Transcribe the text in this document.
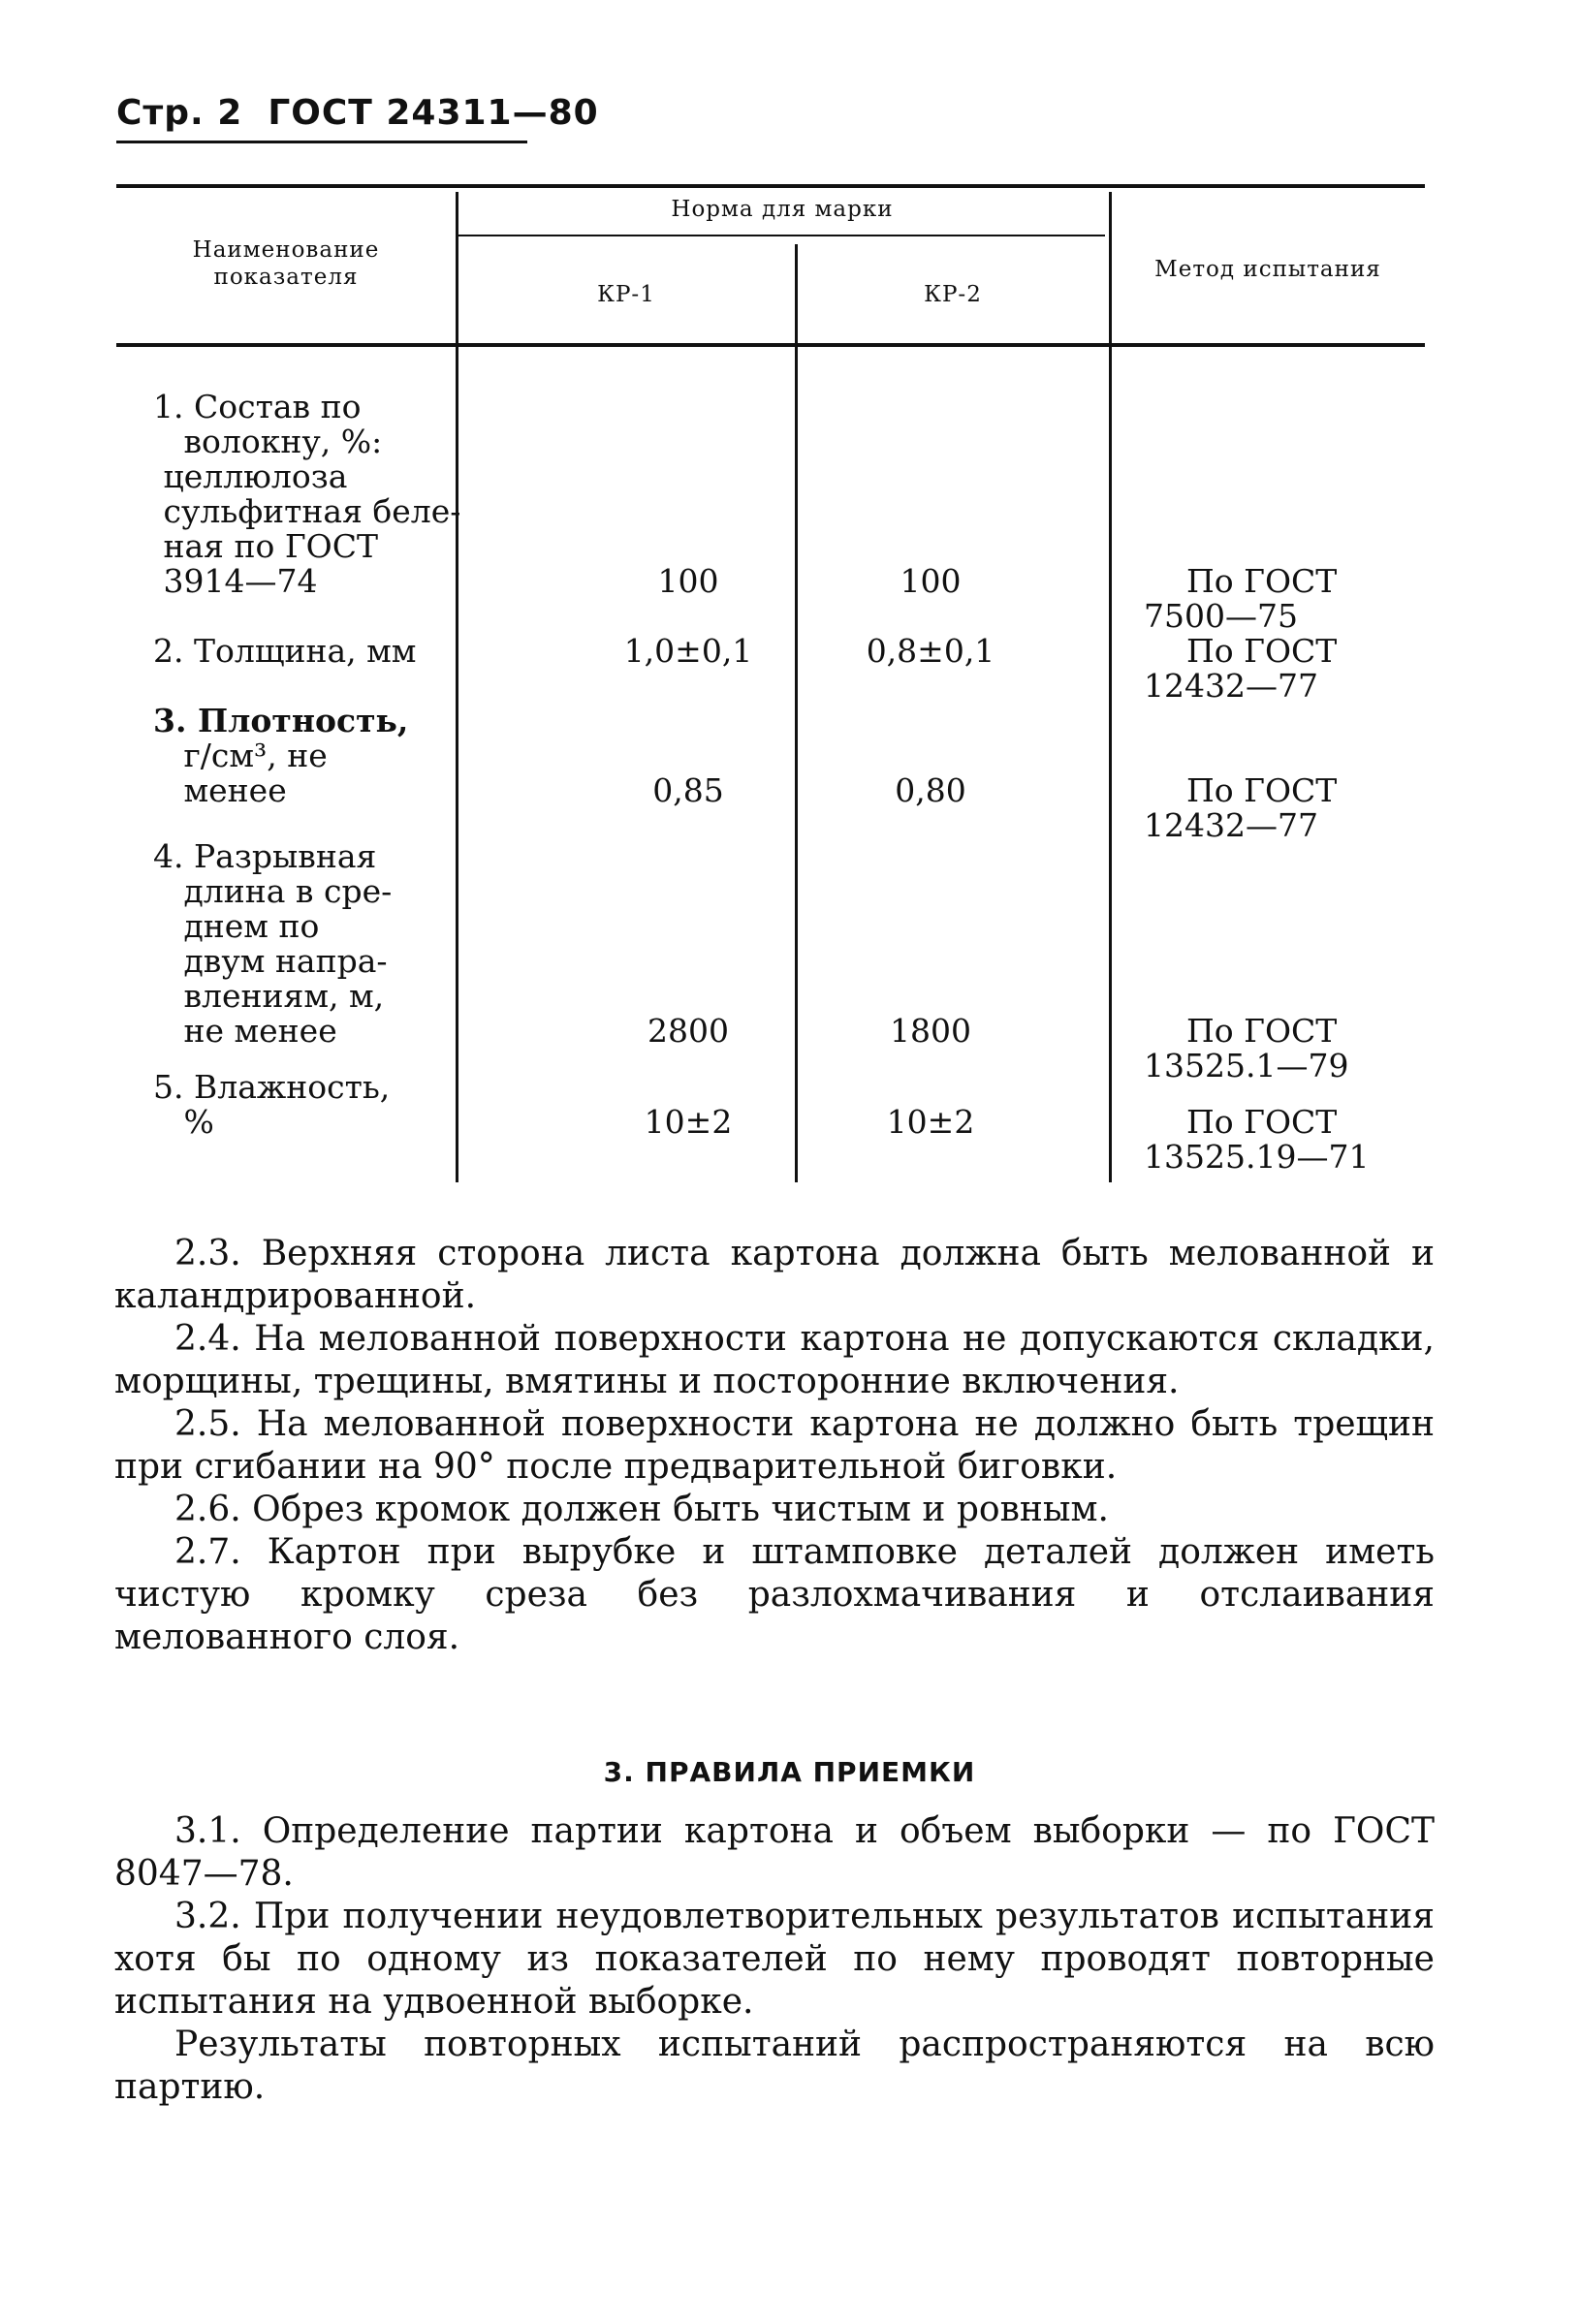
Стр. 2 ГОСТ 24311—80
Наименование
показателя
Норма для марки
КР-1	КР-2
Метод испытания
1. Состав по
волокну, %:
целлюлоза
сульфитная беле-
ная по ГОСТ
3914—74	100	100	По ГОСТ
7500—75
2. Толщина, мм	1,0±0,1	0,8±0,1	По ГОСТ
12432—77
3. Плотность,
г/см³, не
менее	0,85	0,80	По ГОСТ
12432—77
4. Разрывная
длина в сре-
днем по
двум напра-
влениям, м,
не менее	2800	1800	По ГОСТ
13525.1—79
5. Влажность,
%	10±2	10±2	По ГОСТ
13525.19—71

2.3. Верхняя сторона листа картона должна быть мелованной и каландрированной.

2.4. На мелованной поверхности картона не допускаются складки, морщины, трещины, вмятины и посторонние включения.

2.5. На мелованной поверхности картона не должно быть трещин при сгибании на 90° после предварительной биговки.

2.6. Обрез кромок должен быть чистым и ровным.

2.7. Картон при вырубке и штамповке деталей должен иметь чистую кромку среза без разлохмачивания и отслаивания мелованного слоя.

3. ПРАВИЛА ПРИЕМКИ

3.1. Определение партии картона и объем выборки — по ГОСТ 8047—78.

3.2. При получении неудовлетворительных результатов испытания хотя бы по одному из показателей по нему проводят повторные испытания на удвоенной выборке.

Результаты повторных испытаний распространяются на всю партию.
